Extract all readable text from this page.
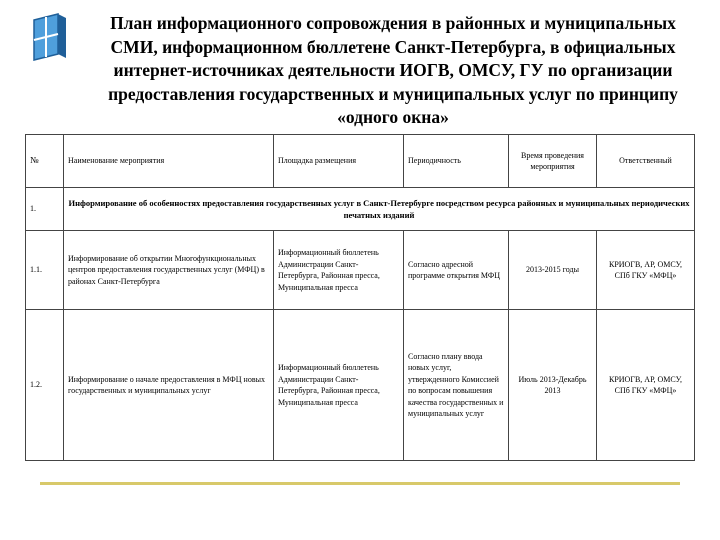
План информационного сопровождения в районных и муниципальных СМИ, информационном бюллетене Санкт-Петербурга, в официальных интернет-источниках деятельности ИОГВ, ОМСУ, ГУ по организации предоставления государственных и муниципальных услуг по принципу «одного окна»
№	Наименование мероприятия	Площадка размещения	Периодичность	Время проведения мероприятия	Ответственный
1.	Информирование об особенностях предоставления государственных услуг в Санкт-Петербурге посредством ресурса районных и муниципальных периодических печатных изданий				
1.1.	Информирование об открытии Многофункциональных центров предоставления государственных услуг (МФЦ) в районах Санкт-Петербурга	Информационный бюллетень Администрации Санкт-Петербурга, Районная пресса, Муниципальная пресса	Согласно адресной программе открытия МФЦ	2013-2015 годы	КРИОГВ, АР, ОМСУ, СПб ГКУ «МФЦ»
1.2.	Информирование о начале предоставления в МФЦ новых государственных и муниципальных услуг	Информационный бюллетень Администрации Санкт-Петербурга, Районная пресса, Муниципальная пресса	Согласно плану ввода новых услуг, утвержденного Комиссией по вопросам повышения качества государственных и муниципальных услуг	Июль 2013-Декабрь 2013	КРИОГВ, АР, ОМСУ, СПб ГКУ «МФЦ»
